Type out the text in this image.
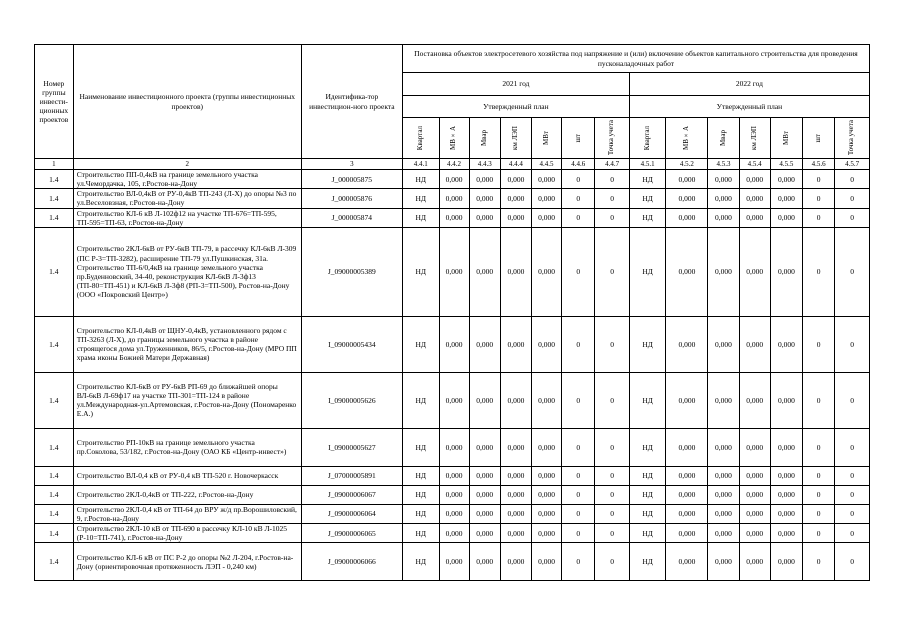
Номер группы инвести-ционных проектов	Наименование инвестиционного проекта (группы инвестиционных проектов)	Идентифика-тор инвестицион-ного проекта	Постановка объектов электросетевого хозяйства под напряжение и (или) включение объектов капитального строительства для проведения пусконаладочных работ													
			2021 год							2022 год						
			Утвержденный план							Утвержденный план						

			Квартал	МВ×А	Мвар	км ЛЭП	МВт	шт	Точка учета	Квартал	МВ×А	Мвар	км ЛЭП	МВт	шт	Точка учета

1	2	3	4.4.1	4.4.2	4.4.3	4.4.4	4.4.5	4.4.6	4.4.7	4.5.1	4.5.2	4.5.3	4.5.4	4.5.5	4.5.6	4.5.7
1.4	Строительство ПП-0,4кВ на границе земельного участка ул.Чемордачка, 105, г.Ростов-на-Дону	J_000005875	НД	0,000	0,000	0,000	0,000	0	0	НД	0,000	0,000	0,000	0,000	0	0
1.4	Строительство ВЛ-0,4кВ от РУ-0,4кВ ТП-243 (Л-Х) до опоры №3 по ул.Веселовзная, г.Ростов-на-Дону	J_000005876	НД	0,000	0,000	0,000	0,000	0	0	НД	0,000	0,000	0,000	0,000	0	0
1.4	Строительство КЛ-6 кВ Л-102ф12 на участке ТП-676=ТП-595, ТП-595=ТП-63, г.Ростов-на-Дону	J_000005874	НД	0,000	0,000	0,000	0,000	0	0	НД	0,000	0,000	0,000	0,000	0	0
1.4	Строительство 2КЛ-6кВ от РУ-6кВ ТП-79, в рассечку КЛ-6кВ Л-309 (ПС Р-3=ТП-3282), расширение ТП-79 ул.Пушкинская, 31а. Строительство ТП-6/0,4кВ на границе земельного участка пр.Буденновский, 34-40, реконструкция КЛ-6кВ Л-3ф13 (ТП-80=ТП-451) и КЛ-6кВ Л-3ф8 (РП-3=ТП-500), Ростов-на-Дону (ООО «Покровский Центр»)	J_09000005389	НД	0,000	0,000	0,000	0,000	0	0	НД	0,000	0,000	0,000	0,000	0	0
1.4	Строительство КЛ-0,4кВ от ЩНУ-0,4кВ, установленного рядом с ТП-3263 (Л-Х), до границы земельного участка в районе строящегося дома ул.Труженников, 86/5, г.Ростов-на-Дону (МРО ПП храма иконы Божией Матери Державная)	I_09000005434	НД	0,000	0,000	0,000	0,000	0	0	НД	0,000	0,000	0,000	0,000	0	0
1.4	Строительство КЛ-6кВ от РУ-6кВ РП-69 до ближайшей опоры ВЛ-6кВ Л-69ф17 на участке ТП-301=ТП-124 в районе ул.Международная-ул.Артемовская, г.Ростов-на-Дону (Пономаренко Е.А.)	I_09000005626	НД	0,000	0,000	0,000	0,000	0	0	НД	0,000	0,000	0,000	0,000	0	0
1.4	Строительство РП-10кВ на границе земельного участка пр.Соколова, 53/182, г.Ростов-на-Дону (ОАО КБ «Центр-инвест»)	I_09000005627	НД	0,000	0,000	0,000	0,000	0	0	НД	0,000	0,000	0,000	0,000	0	0
1.4	Строительство ВЛ-0,4 кВ от РУ-0,4 кВ ТП-520 г. Новочеркасск	J_07000005891	НД	0,000	0,000	0,000	0,000	0	0	НД	0,000	0,000	0,000	0,000	0	0
1.4	Строительство 2КЛ-0,4кВ от ТП-222, г.Ростов-на-Дону	J_09000006067	НД	0,000	0,000	0,000	0,000	0	0	НД	0,000	0,000	0,000	0,000	0	0
1.4	Строительство 2КЛ-0,4 кВ от ТП-64 до ВРУ ж/д пр.Ворошиловский, 9, г.Ростов-на-Дону	J_09000006064	НД	0,000	0,000	0,000	0,000	0	0	НД	0,000	0,000	0,000	0,000	0	0
1.4	Строительство 2КЛ-10 кВ от ТП-690 в рассечку КЛ-10 кВ Л-1025 (Р-10=ТП-741), г.Ростов-на-Дону	J_09000006065	НД	0,000	0,000	0,000	0,000	0	0	НД	0,000	0,000	0,000	0,000	0	0
1.4	Строительство КЛ-6 кВ от ПС Р-2 до опоры №2 Л-204, г.Ростов-на-Дону (ориентировочная протяженность ЛЭП - 0,240 км)	J_09000006066	НД	0,000	0,000	0,000	0,000	0	0	НД	0,000	0,000	0,000	0,000	0	0
